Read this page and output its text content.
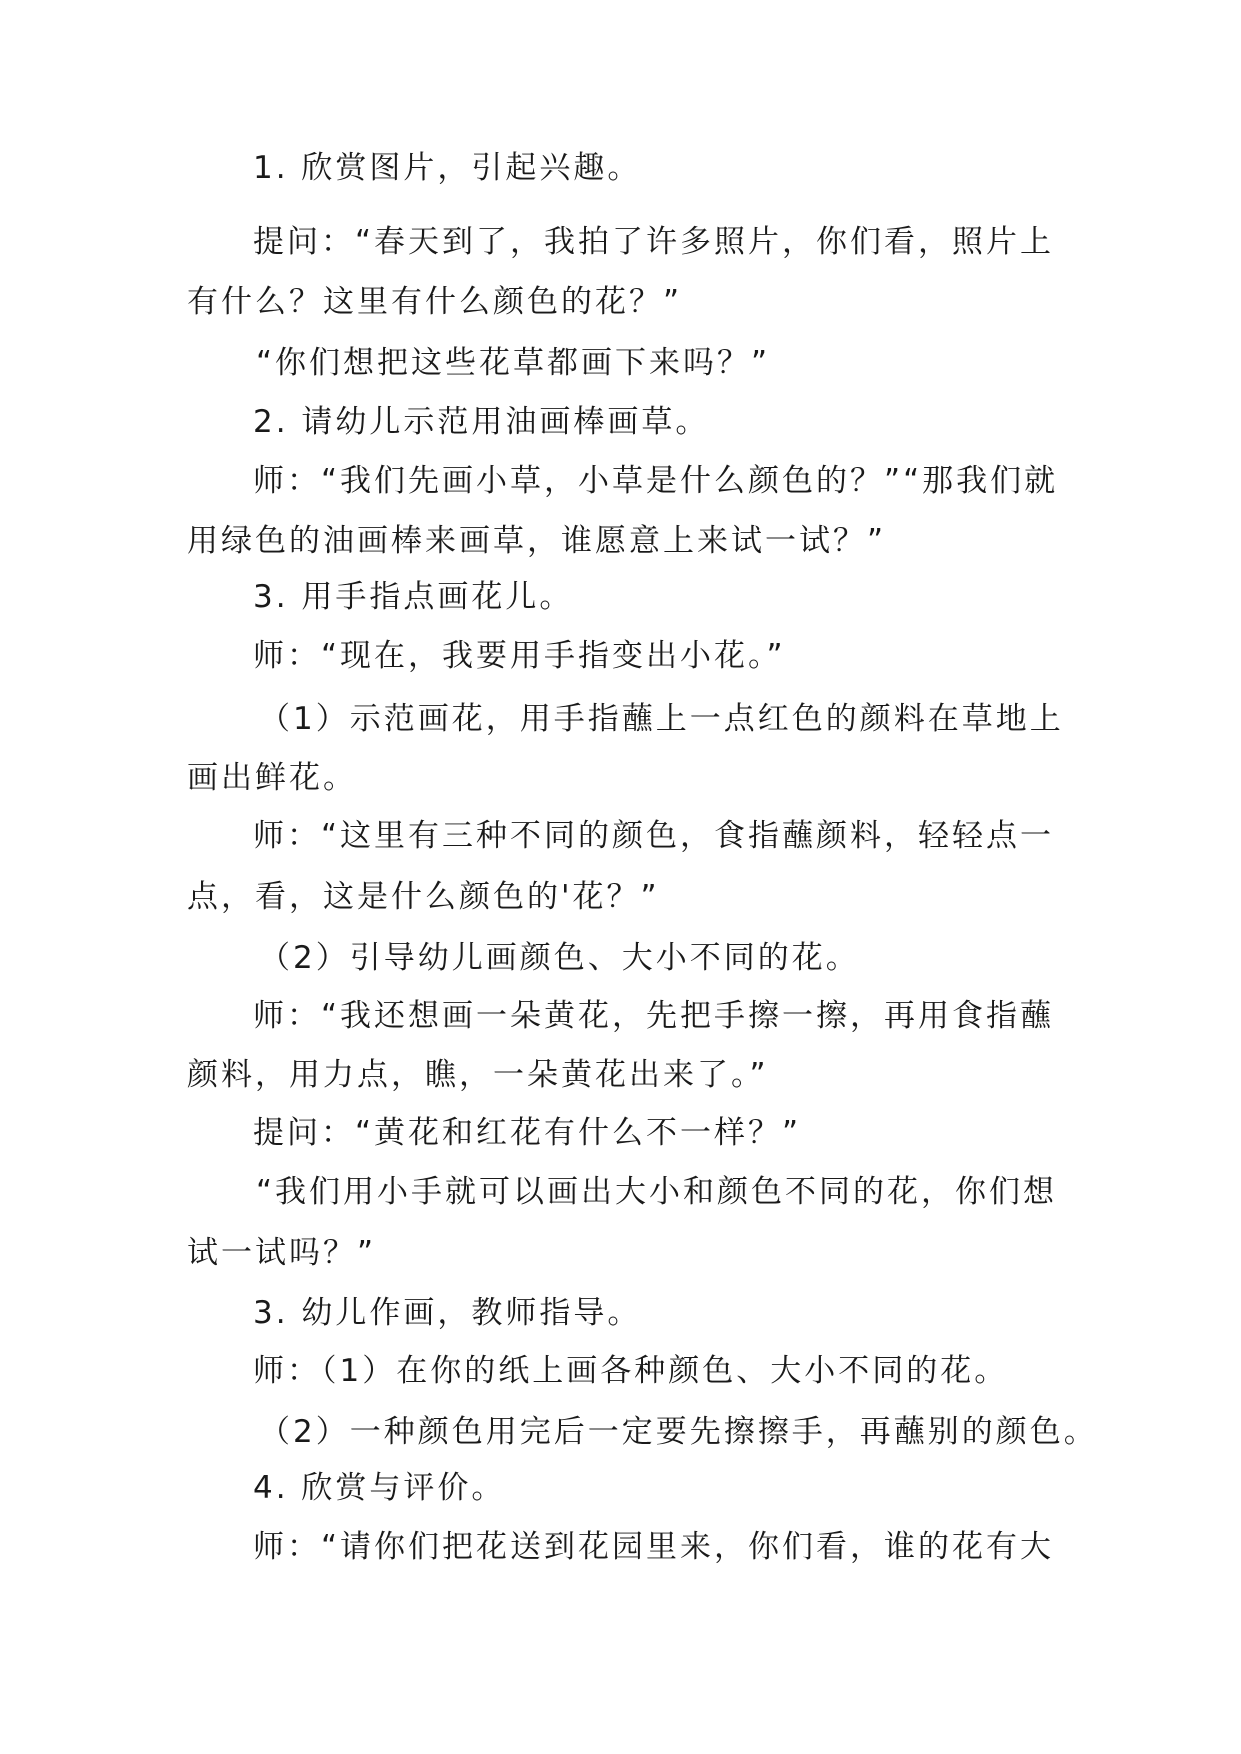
1. 欣赏图片，引起兴趣。
提问：“春天到了，我拍了许多照片，你们看，照片上
有什么？这里有什么颜色的花？”
“你们想把这些花草都画下来吗？”
2. 请幼儿示范用油画棒画草。
师：“我们先画小草，小草是什么颜色的？”“那我们就
用绿色的油画棒来画草，谁愿意上来试一试？”
3. 用手指点画花儿。
师：“现在，我要用手指变出小花。”
（1）示范画花，用手指蘸上一点红色的颜料在草地上
画出鲜花。
师：“这里有三种不同的颜色，食指蘸颜料，轻轻点一
点，看，这是什么颜色的'花？”
（2）引导幼儿画颜色、大小不同的花。
师：“我还想画一朵黄花，先把手擦一擦，再用食指蘸
颜料，用力点，瞧，一朵黄花出来了。”
提问：“黄花和红花有什么不一样？”
“我们用小手就可以画出大小和颜色不同的花，你们想
试一试吗？”
3. 幼儿作画，教师指导。
师：（1）在你的纸上画各种颜色、大小不同的花。
（2）一种颜色用完后一定要先擦擦手，再蘸别的颜色。
4. 欣赏与评价。
师：“请你们把花送到花园里来，你们看，谁的花有大
